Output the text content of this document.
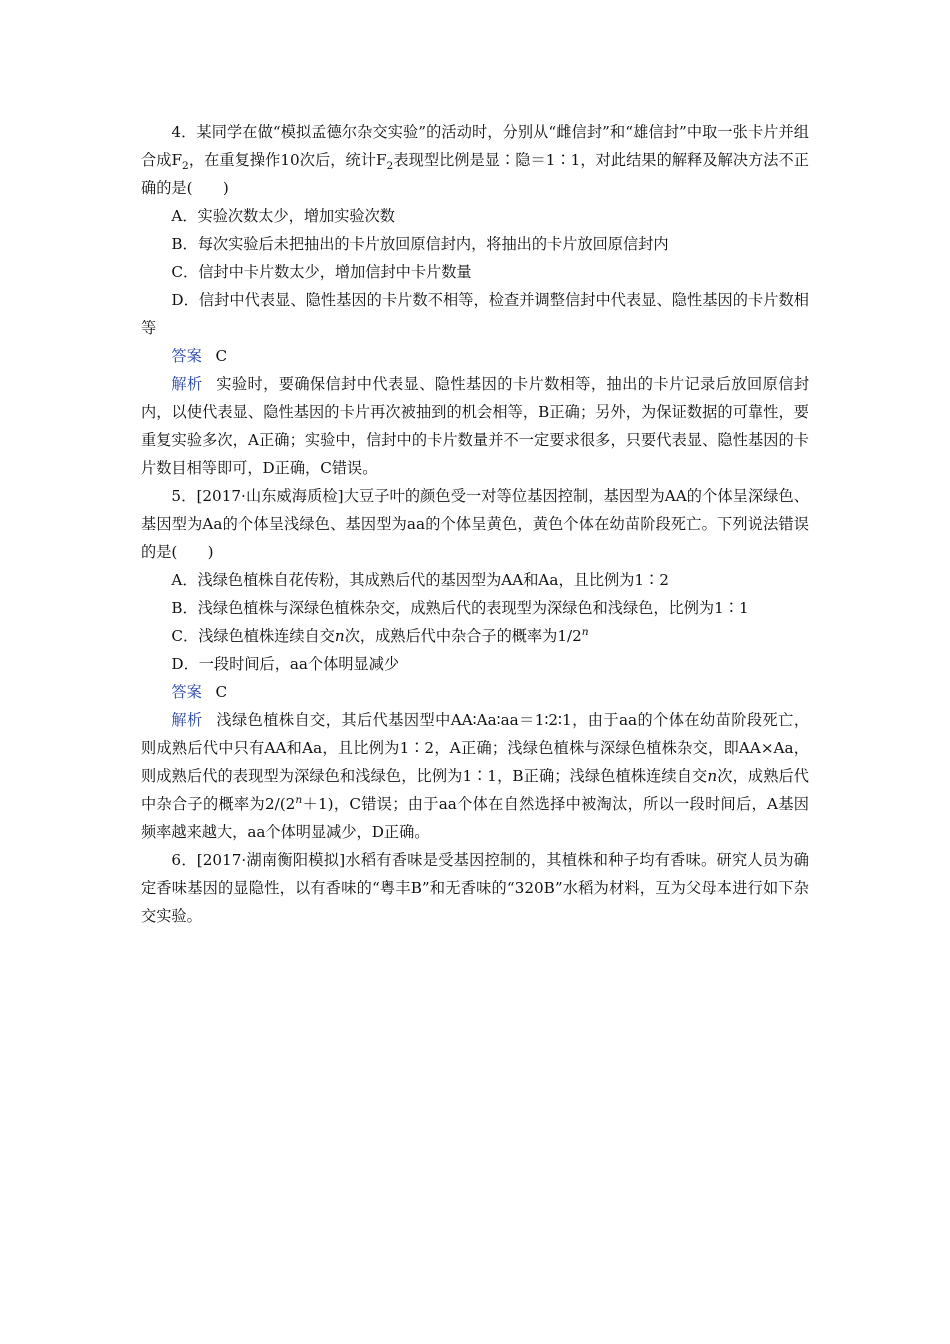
4．某同学在做“模拟孟德尔杂交实验”的活动时，分别从“雌信封”和“雄信封”中取一张卡片并组合成$F_2$，在重复操作10次后，统计$F_2$表现型比例是显∶隐＝1∶1，对此结果的解释及解决方法不正确的是(　　)

A．实验次数太少，增加实验次数

B．每次实验后未把抽出的卡片放回原信封内，将抽出的卡片放回原信封内

C．信封中卡片数太少，增加信封中卡片数量

D．信封中代表显、隐性基因的卡片数不相等，检查并调整信封中代表显、隐性基因的卡片数相等

答案 C

解析 实验时，要确保信封中代表显、隐性基因的卡片数相等，抽出的卡片记录后放回原信封内，以使代表显、隐性基因的卡片再次被抽到的机会相等，B正确；另外，为保证数据的可靠性，要重复实验多次，A正确；实验中，信封中的卡片数量并不一定要求很多，只要代表显、隐性基因的卡片数目相等即可，D正确，C错误。

5．[2017·山东威海质检]大豆子叶的颜色受一对等位基因控制，基因型为AA的个体呈深绿色、基因型为Aa的个体呈浅绿色、基因型为aa的个体呈黄色，黄色个体在幼苗阶段死亡。下列说法错误的是(　　)

A．浅绿色植株自花传粉，其成熟后代的基因型为AA和Aa，且比例为1∶2

B．浅绿色植株与深绿色植株杂交，成熟后代的表现型为深绿色和浅绿色，比例为1∶1

C．浅绿色植株连续自交n次，成熟后代中杂合子的概率为1/2$^n$

D．一段时间后，aa个体明显减少

答案 C

解析 浅绿色植株自交，其后代基因型中AA∶Aa∶aa＝1∶2∶1，由于aa的个体在幼苗阶段死亡，则成熟后代中只有AA和Aa，且比例为1∶2，A正确；浅绿色植株与深绿色植株杂交，即AA×Aa，则成熟后代的表现型为深绿色和浅绿色，比例为1∶1，B正确；浅绿色植株连续自交n次，成熟后代中杂合子的概率为$2/(2^n+1)$，C错误；由于aa个体在自然选择中被淘汰，所以一段时间后，A基因频率越来越大，aa个体明显减少，D正确。

6．[2017·湖南衡阳模拟]水稻有香味是受基因控制的，其植株和种子均有香味。研究人员为确定香味基因的显隐性，以有香味的“粤丰B”和无香味的“320B”水稻为材料，互为父母本进行如下杂交实验。
